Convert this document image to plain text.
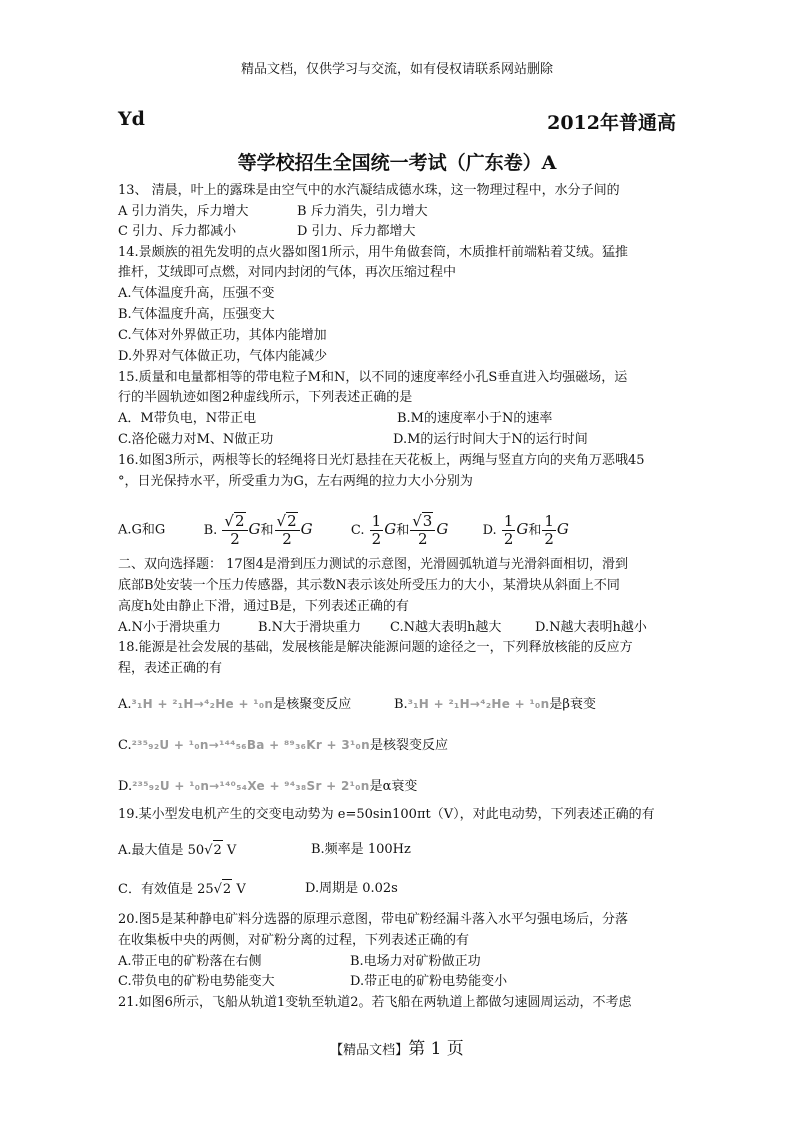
精品文档，仅供学习与交流，如有侵权请联系网站删除
Yd	2012年普通高
等学校招生全国统一考试（广东卷）A
13、 清晨，叶上的露珠是由空气中的水汽凝结成德水珠，这一物理过程中，水分子间的
A 引力消失，斥力增大	B 斥力消失，引力增大
C 引力、斥力都减小	D 引力、斥力都增大
14.景颇族的祖先发明的点火器如图1所示，用牛角做套筒，木质推杆前端粘着艾绒。猛推
推杆，艾绒即可点燃，对同内封闭的气体，再次压缩过程中
A.气体温度升高，压强不变
B.气体温度升高，压强变大
C.气体对外界做正功，其体内能增加
D.外界对气体做正功，气体内能减少
15.质量和电量都相等的带电粒子M和N，以不同的速度率经小孔S垂直进入均强磁场，运
行的半圆轨迹如图2种虚线所示，下列表述正确的是
A．M带负电，N带正电	B.M的速度率小于N的速率
C.洛伦磁力对M、N做正功	D.M的运行时间大于N的运行时间
16.如图3所示，两根等长的轻绳将日光灯悬挂在天花板上，两绳与竖直方向的夹角万恶哦45
°，日光保持水平，所受重力为G，左右两绳的拉力大小分别为
A.G和G	B. $\frac{√2}{2}$ G和 $\frac{√2}{2}$ G	C. $\frac{1}{2}$ G和 $\frac{√3}{2}$ G	D. $\frac{1}{2}$ G和 $\frac{1}{2}$ G
二、双向选择题： 17图4是滑到压力测试的示意图，光滑圆弧轨道与光滑斜面相切，滑到
底部B处安装一个压力传感器，其示数N表示该处所受压力的大小，某滑块从斜面上不同
高度h处由静止下滑，通过B是，下列表述正确的有
A.N小于滑块重力	B.N大于滑块重力 C.N越大表明h越大	D.N越大表明h越小
18.能源是社会发展的基础，发展核能是解决能源问题的途径之一，下列释放核能的反应方
程，表述正确的有
A.³₁H + ²₁H→⁴₂He + ¹₀n是核聚变反应	B.³₁H + ²₁H→⁴₂He + ¹₀n是β衰变
C.²³⁵₉₂U + ¹₀n→¹⁴⁴₅₆Ba + ⁸⁹₃₆Kr + 3¹₀n是核裂变反应
D.²³⁵₉₂U + ¹₀n→¹⁴⁰₅₄Xe + ⁹⁴₃₈Sr + 2¹₀n是α衰变
19.某小型发电机产生的交变电动势为 e=50sin100πt（V），对此电动势，下列表述正确的有
A.最大值是 50√2 V	B.频率是 100Hz
C．有效值是 25√2 V	D.周期是 0.02s
20.图5是某种静电矿料分选器的原理示意图，带电矿粉经漏斗落入水平匀强电场后，分落
在收集板中央的两侧，对矿粉分离的过程，下列表述正确的有
A.带正电的矿粉落在右侧	B.电场力对矿粉做正功
C.带负电的矿粉电势能变大	D.带正电的矿粉电势能变小
21.如图6所示，飞船从轨道1变轨至轨道2。若飞船在两轨道上都做匀速圆周运动，不考虑
【精品文档】第 1 页
